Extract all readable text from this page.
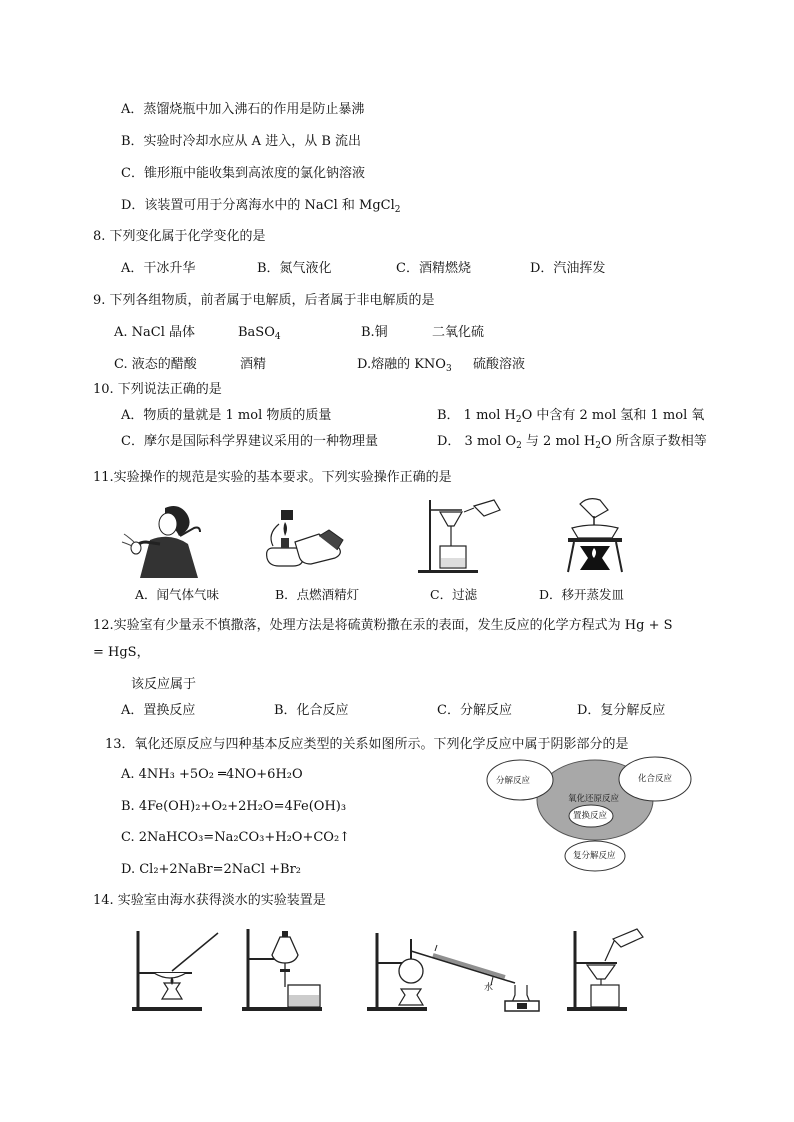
A．蒸馏烧瓶中加入沸石的作用是防止暴沸
B．实验时冷却水应从 A 进入，从 B 流出
C．锥形瓶中能收集到高浓度的氯化钠溶液
D．该装置可用于分离海水中的 NaCl 和 MgCl$_2$
8. 下列变化属于化学变化的是
A．干冰升华	B．氮气液化	C．酒精燃烧	D．汽油挥发
9. 下列各组物质，前者属于电解质，后者属于非电解质的是
A. NaCl 晶体	BaSO$_4$	B.铜	二氧化硫
C. 液态的醋酸	酒精	D.熔融的 $KNO_3$ 硫酸溶液
10. 下列说法正确的是
A．物质的量就是 1 mol 物质的质量	B． 1 mol $H_2O$ 中含有 2 mol 氢和 1 mol 氧
C．摩尔是国际科学界建议采用的一种物理量	D． 3 mol $O_2$ 与 2 mol $H_2O$ 所含原子数相等
11.实验操作的规范是实验的基本要求。下列实验操作正确的是
A．闻气体气味	B．点燃酒精灯	C．过滤	D．移开蒸发皿
12.实验室有少量汞不慎撒落，处理方法是将硫黄粉撒在汞的表面，发生反应的化学方程式为 Hg + S
= HgS，
该反应属于
A．置换反应	B．化合反应	C．分解反应	D．复分解反应
13．氧化还原反应与四种基本反应类型的关系如图所示。下列化学反应中属于阴影部分的是
A. 4NH₃ +5O₂ ═4NO+6H₂O
B. 4Fe(OH)₂+O₂+2H₂O=4Fe(OH)₃
C. 2NaHCO₃=Na₂CO₃+H₂O+CO₂↑
D. Cl₂+2NaBr=2NaCl +Br₂
分解反应	化合反应
氧化还原反应
置换反应
复分解反应
14. 实验室由海水获得淡水的实验装置是
水
